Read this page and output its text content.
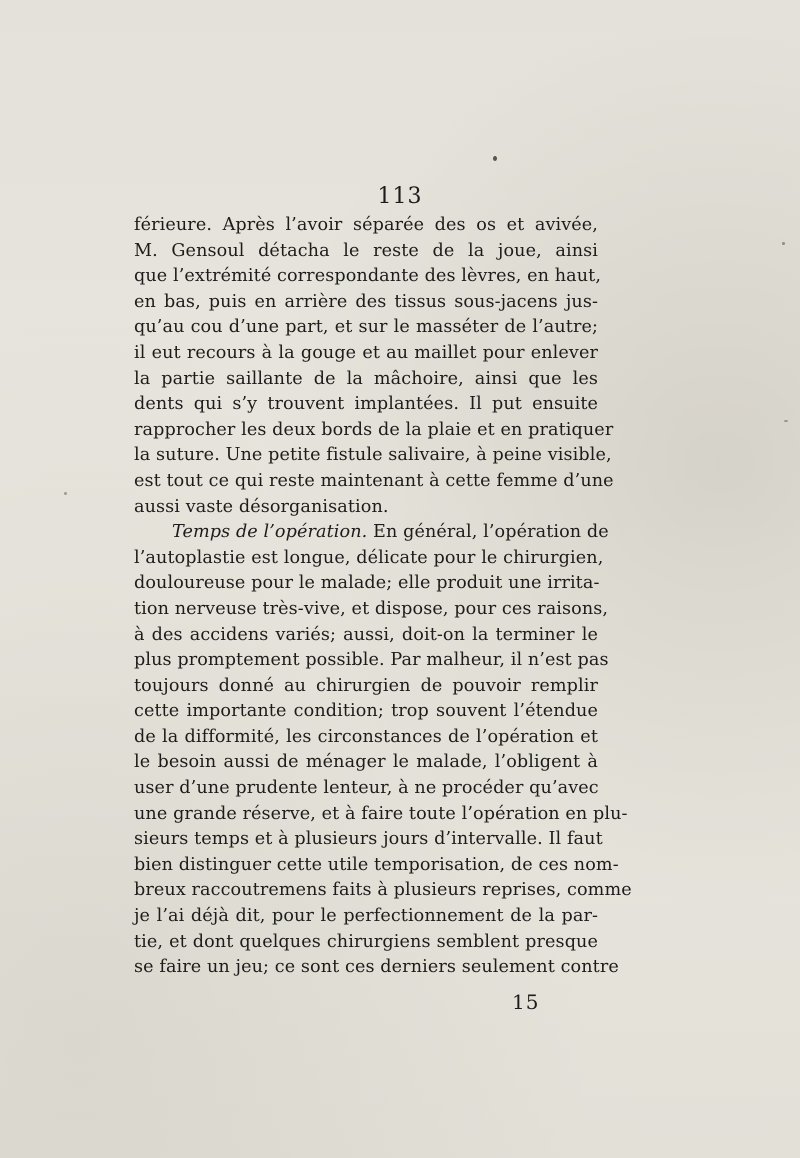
113
férieure. Après l’avoir séparée des os et avivée,
M. Gensoul détacha le reste de la joue, ainsi
que l’extrémité correspondante des lèvres, en haut,
en bas, puis en arrière des tissus sous-jacens jus-
qu’au cou d’une part, et sur le masséter de l’autre;
il eut recours à la gouge et au maillet pour enlever
la partie saillante de la mâchoire, ainsi que les
dents qui s’y trouvent implantées. Il put ensuite
rapprocher les deux bords de la plaie et en pratiquer
la suture. Une petite fistule salivaire, à peine visible,
est tout ce qui reste maintenant à cette femme d’une
aussi vaste désorganisation.
Temps de l’opération. En général, l’opération de
l’autoplastie est longue, délicate pour le chirurgien,
douloureuse pour le malade; elle produit une irrita-
tion nerveuse très-vive, et dispose, pour ces raisons,
à des accidens variés; aussi, doit-on la terminer le
plus promptement possible. Par malheur, il n’est pas
toujours donné au chirurgien de pouvoir remplir
cette importante condition; trop souvent l’étendue
de la difformité, les circonstances de l’opération et
le besoin aussi de ménager le malade, l’obligent à
user d’une prudente lenteur, à ne procéder qu’avec
une grande réserve, et à faire toute l’opération en plu-
sieurs temps et à plusieurs jours d’intervalle. Il faut
bien distinguer cette utile temporisation, de ces nom-
breux raccoutremens faits à plusieurs reprises, comme
je l’ai déjà dit, pour le perfectionnement de la par-
tie, et dont quelques chirurgiens semblent presque
se faire un jeu; ce sont ces derniers seulement contre
15
